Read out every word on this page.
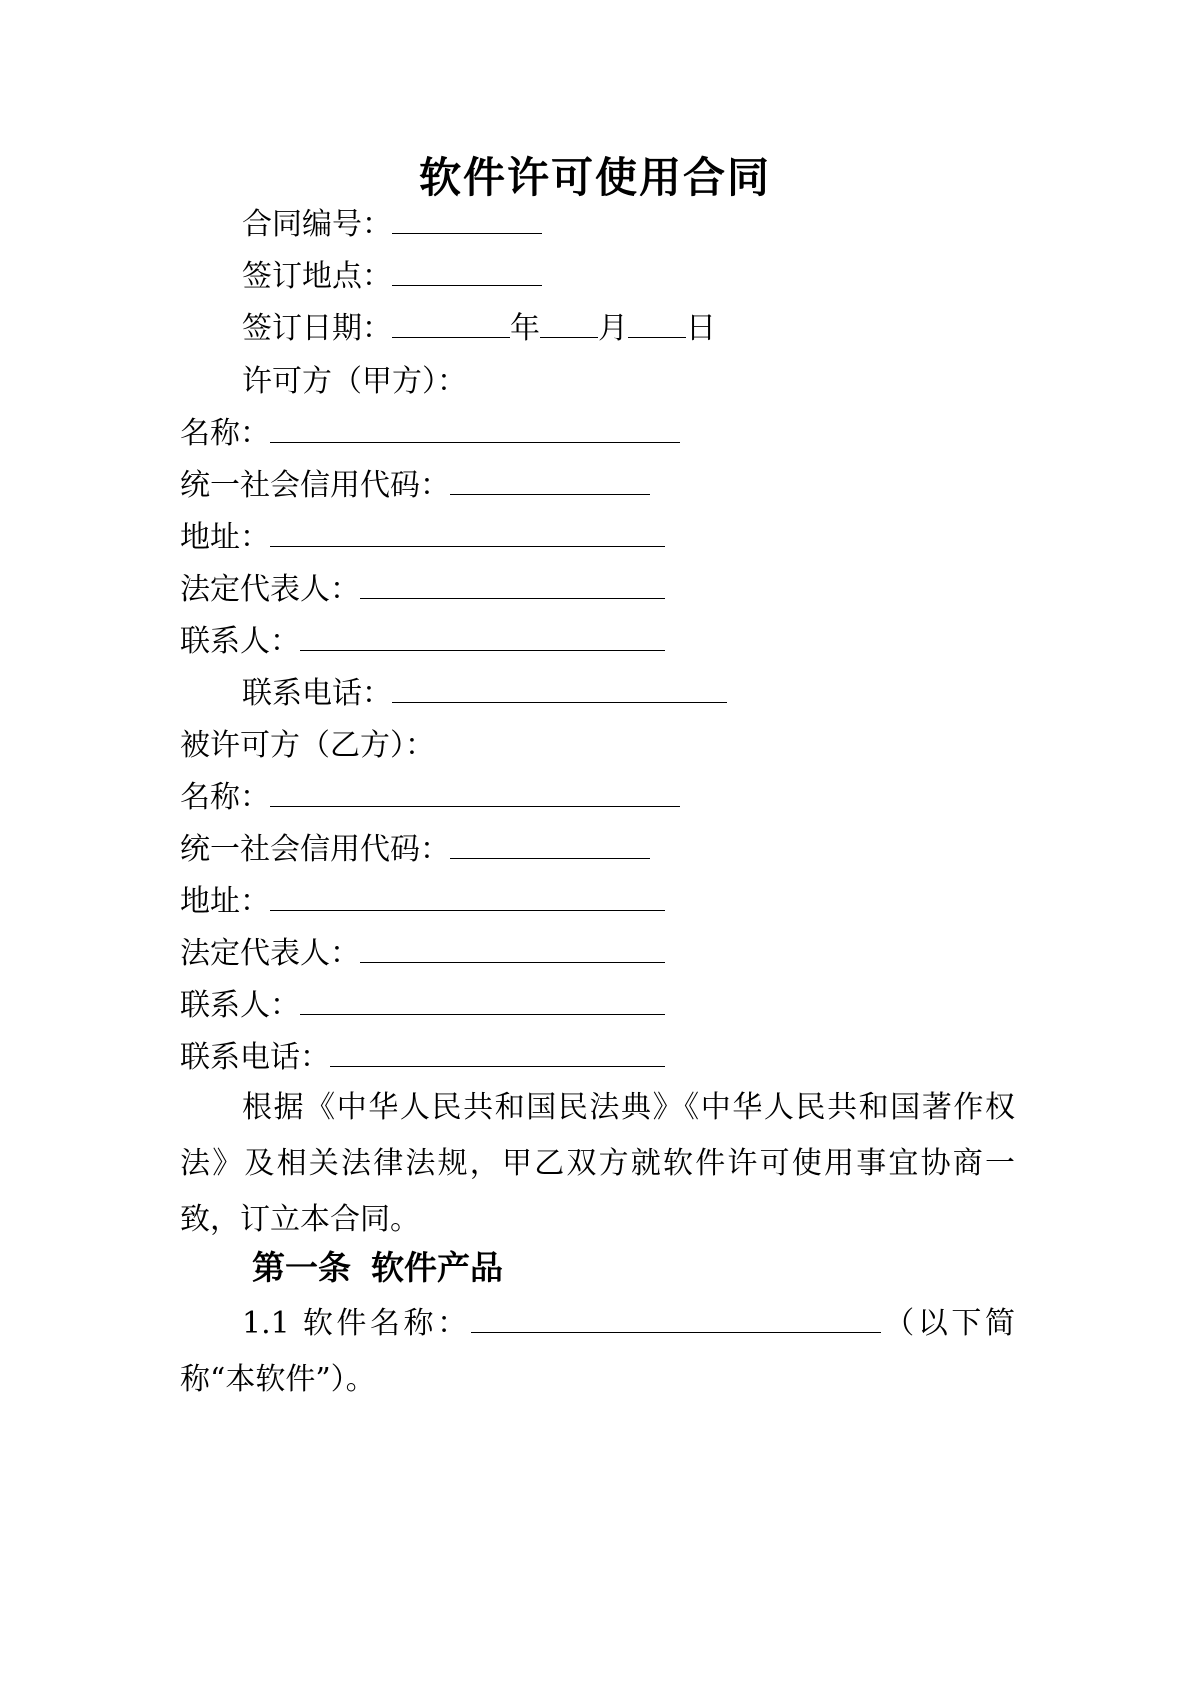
软件许可使用合同
合同编号：
签订地点：
签订日期：	年 月 日
许可方（甲方）：
名称：
统一社会信用代码：
地址：
法定代表人：
联系人：
联系电话：
被许可方（乙方）：
名称：
统一社会信用代码：
地址：
法定代表人：
联系人：
联系电话：
根据《中华人民共和国民法典》《中华人民共和国著作权法》及相关法律法规，甲乙双方就软件许可使用事宜协商一致，订立本合同。
第一条 软件产品
1.1 软件名称：	（以下简称“本软件”）。
